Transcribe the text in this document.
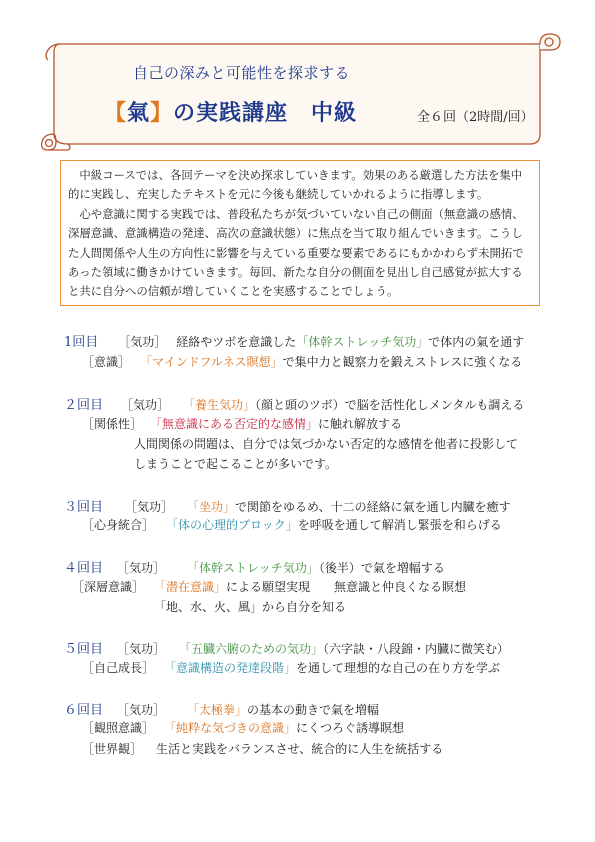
自己の深みと可能性を探求する
【氣】の実践講座　中級	全６回（2時間/回）

　中級コースでは、各回テーマを決め探求していきます。効果のある厳選した方法を集中的に実践し、充実したテキストを元に今後も継続していかれるように指導します。

　心や意識に関する実践では、普段私たちが気づいていない自己の側面（無意識の感情、深層意識、意識構造の発達、高次の意識状態）に焦点を当て取り組んでいきます。こうした人間関係や人生の方向性に影響を与えている重要な要素であるにもかかわらず未開拓であった領域に働きかけていきます。毎回、新たな自分の側面を見出し自己感覚が拡大すると共に自分への信頼が増していくことを実感することでしょう。

1回目 ［気功］ 経絡やツボを意識した「体幹ストレッチ気功」で体内の氣を通す
［意識］ 「マインドフルネス瞑想」で集中力と観察力を鍛えストレスに強くなる
２回目 ［気功］ 「養生気功」（顔と頭のツボ）で脳を活性化しメンタルも調える
［関係性］ 「無意識にある否定的な感情」に触れ解放する
人間関係の問題は、自分では気づかない否定的な感情を他者に投影して
しまうことで起こることが多いです。
３回目 ［気功］ 「坐功」で関節をゆるめ、十二の経絡に氣を通し内臓を癒す
［心身統合］ 「体の心理的ブロック」を呼吸を通して解消し緊張を和らげる
４回目 ［気功］ 「体幹ストレッチ気功」（後半）で氣を増幅する
［深層意識］ 「潜在意識」による願望実現　　無意識と仲良くなる瞑想
「地、水、火、風」から自分を知る
５回目 ［気功］ 「五臓六腑のための気功」（六字訣・八段錦・内臓に微笑む）
［自己成長］ 「意識構造の発達段階」を通して理想的な自己の在り方を学ぶ
６回目 ［気功］ 「太極拳」の基本の動きで氣を増幅
［観照意識］ 「純粋な気づきの意識」にくつろぐ誘導瞑想
［世界観］ 生活と実践をバランスさせ、統合的に人生を統括する
